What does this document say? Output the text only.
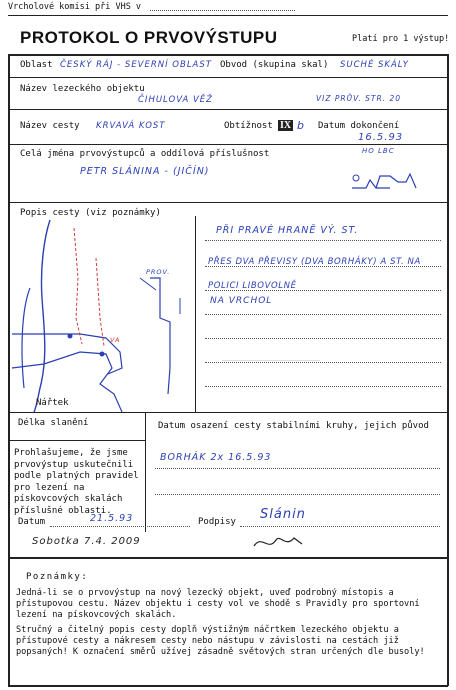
Vrcholové komisi při VHS v
PROTOKOL O PRVOVÝSTUPU	Platí pro 1 výstup!
Oblast ČESKÝ RÁJ - SEVERNÍ OBLAST Obvod (skupina skal) SUCHÉ SKÁLY
Název lezeckého objektu
ČIHULOVA VĚŽ	VIZ PRŮV. STR. 20
Název cesty KRVAVÁ KOST	Obtížnost IX b Datum dokončení
16.5.93
Celá jména prvovýstupců a oddílová příslušnost
PETR SLÁNINA - (JIČÍN)
HO LBC
Popis cesty (viz poznámky)
PŘI PRAVÉ HRANĚ VÝ. ST.
PŘES DVA PŘEVISY (DVA BORHÁKY) A ST. NA POLICI LIBOVOLNĚ
NA VRCHOL
PROV.
VA
Nářtek
Délka slanění	Datum osazení cesty stabilními kruhy, jejich původ
BORHÁK 2x 16.5.93
Prohlašujeme, že jsme prvovýstup uskutečnili podle platných pravidel pro lezení na pískovcových skalách příslušné oblasti.
Datum	21.5.93	Podpisy Slánin
Sobotka 7.4. 2009
Poznámky:
Jedná-li se o prvovýstup na nový lezecký objekt, uveď podrobný místopis a přístupovou cestu. Název objektu i cesty vol ve shodě s Pravidly pro sportovní lezení na pískovcových skalách.
Stručný a čitelný popis cesty doplň výstižným náčrtkem lezeckého objektu a přístupové cesty a nákresem cesty nebo nástupu v závislosti na cestách již popsaných! K označení směrů užívej zásadně světových stran určených dle busoly!
